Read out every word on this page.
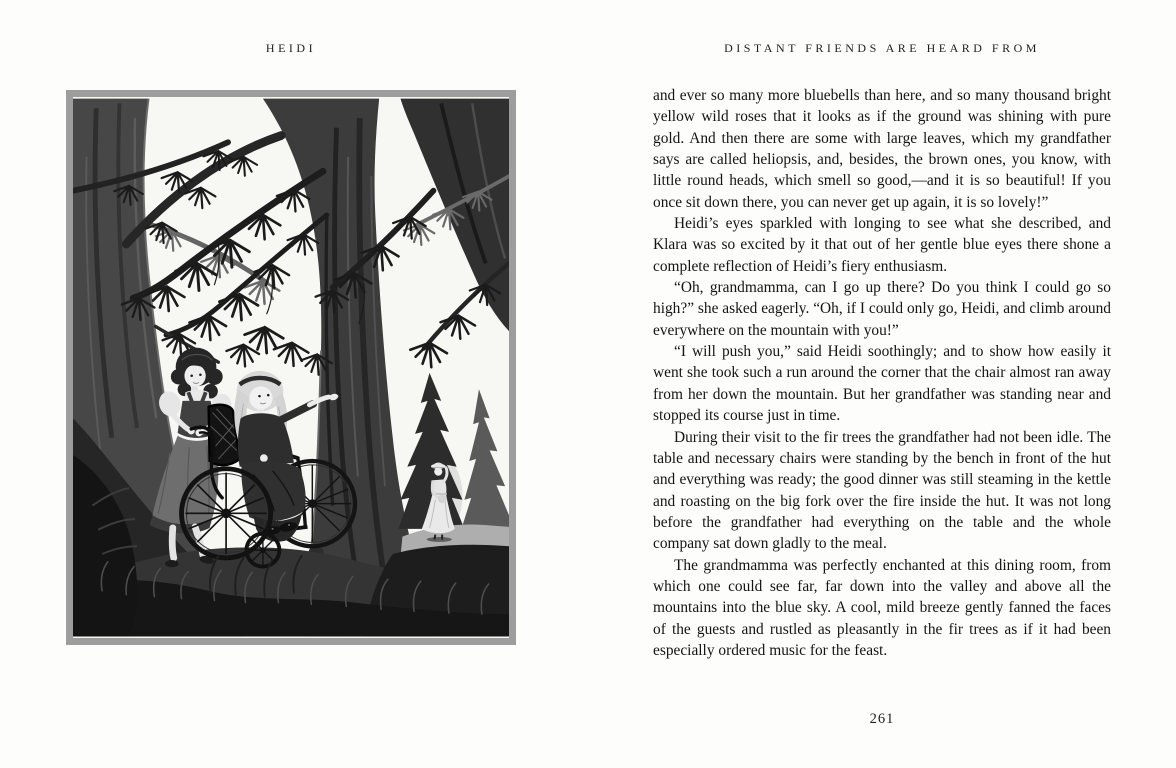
HEIDI	DISTANT FRIENDS ARE HEARD FROM

and ever so many more bluebells than here, and so many thousand bright yellow wild roses that it looks as if the ground was shining with pure gold. And then there are some with large leaves, which my grandfather says are called heliopsis, and, besides, the brown ones, you know, with little round heads, which smell so good,—and it is so beautiful! If you once sit down there, you can never get up again, it is so lovely!”

Heidi’s eyes sparkled with longing to see what she described, and Klara was so excited by it that out of her gentle blue eyes there shone a complete reflection of Heidi’s fiery enthusiasm.

“Oh, grandmamma, can I go up there? Do you think I could go so high?” she asked eagerly. “Oh, if I could only go, Heidi, and climb around everywhere on the mountain with you!”

“I will push you,” said Heidi soothingly; and to show how easily it went she took such a run around the corner that the chair almost ran away from her down the mountain. But her grandfather was standing near and stopped its course just in time.

During their visit to the fir trees the grandfather had not been idle. The table and necessary chairs were standing by the bench in front of the hut and everything was ready; the good dinner was still steaming in the kettle and roasting on the big fork over the fire inside the hut. It was not long before the grandfather had everything on the table and the whole company sat down gladly to the meal.

The grandmamma was perfectly enchanted at this dining room, from which one could see far, far down into the valley and above all the mountains into the blue sky. A cool, mild breeze gently fanned the faces of the guests and rustled as pleasantly in the fir trees as if it had been especially ordered music for the feast.

261
